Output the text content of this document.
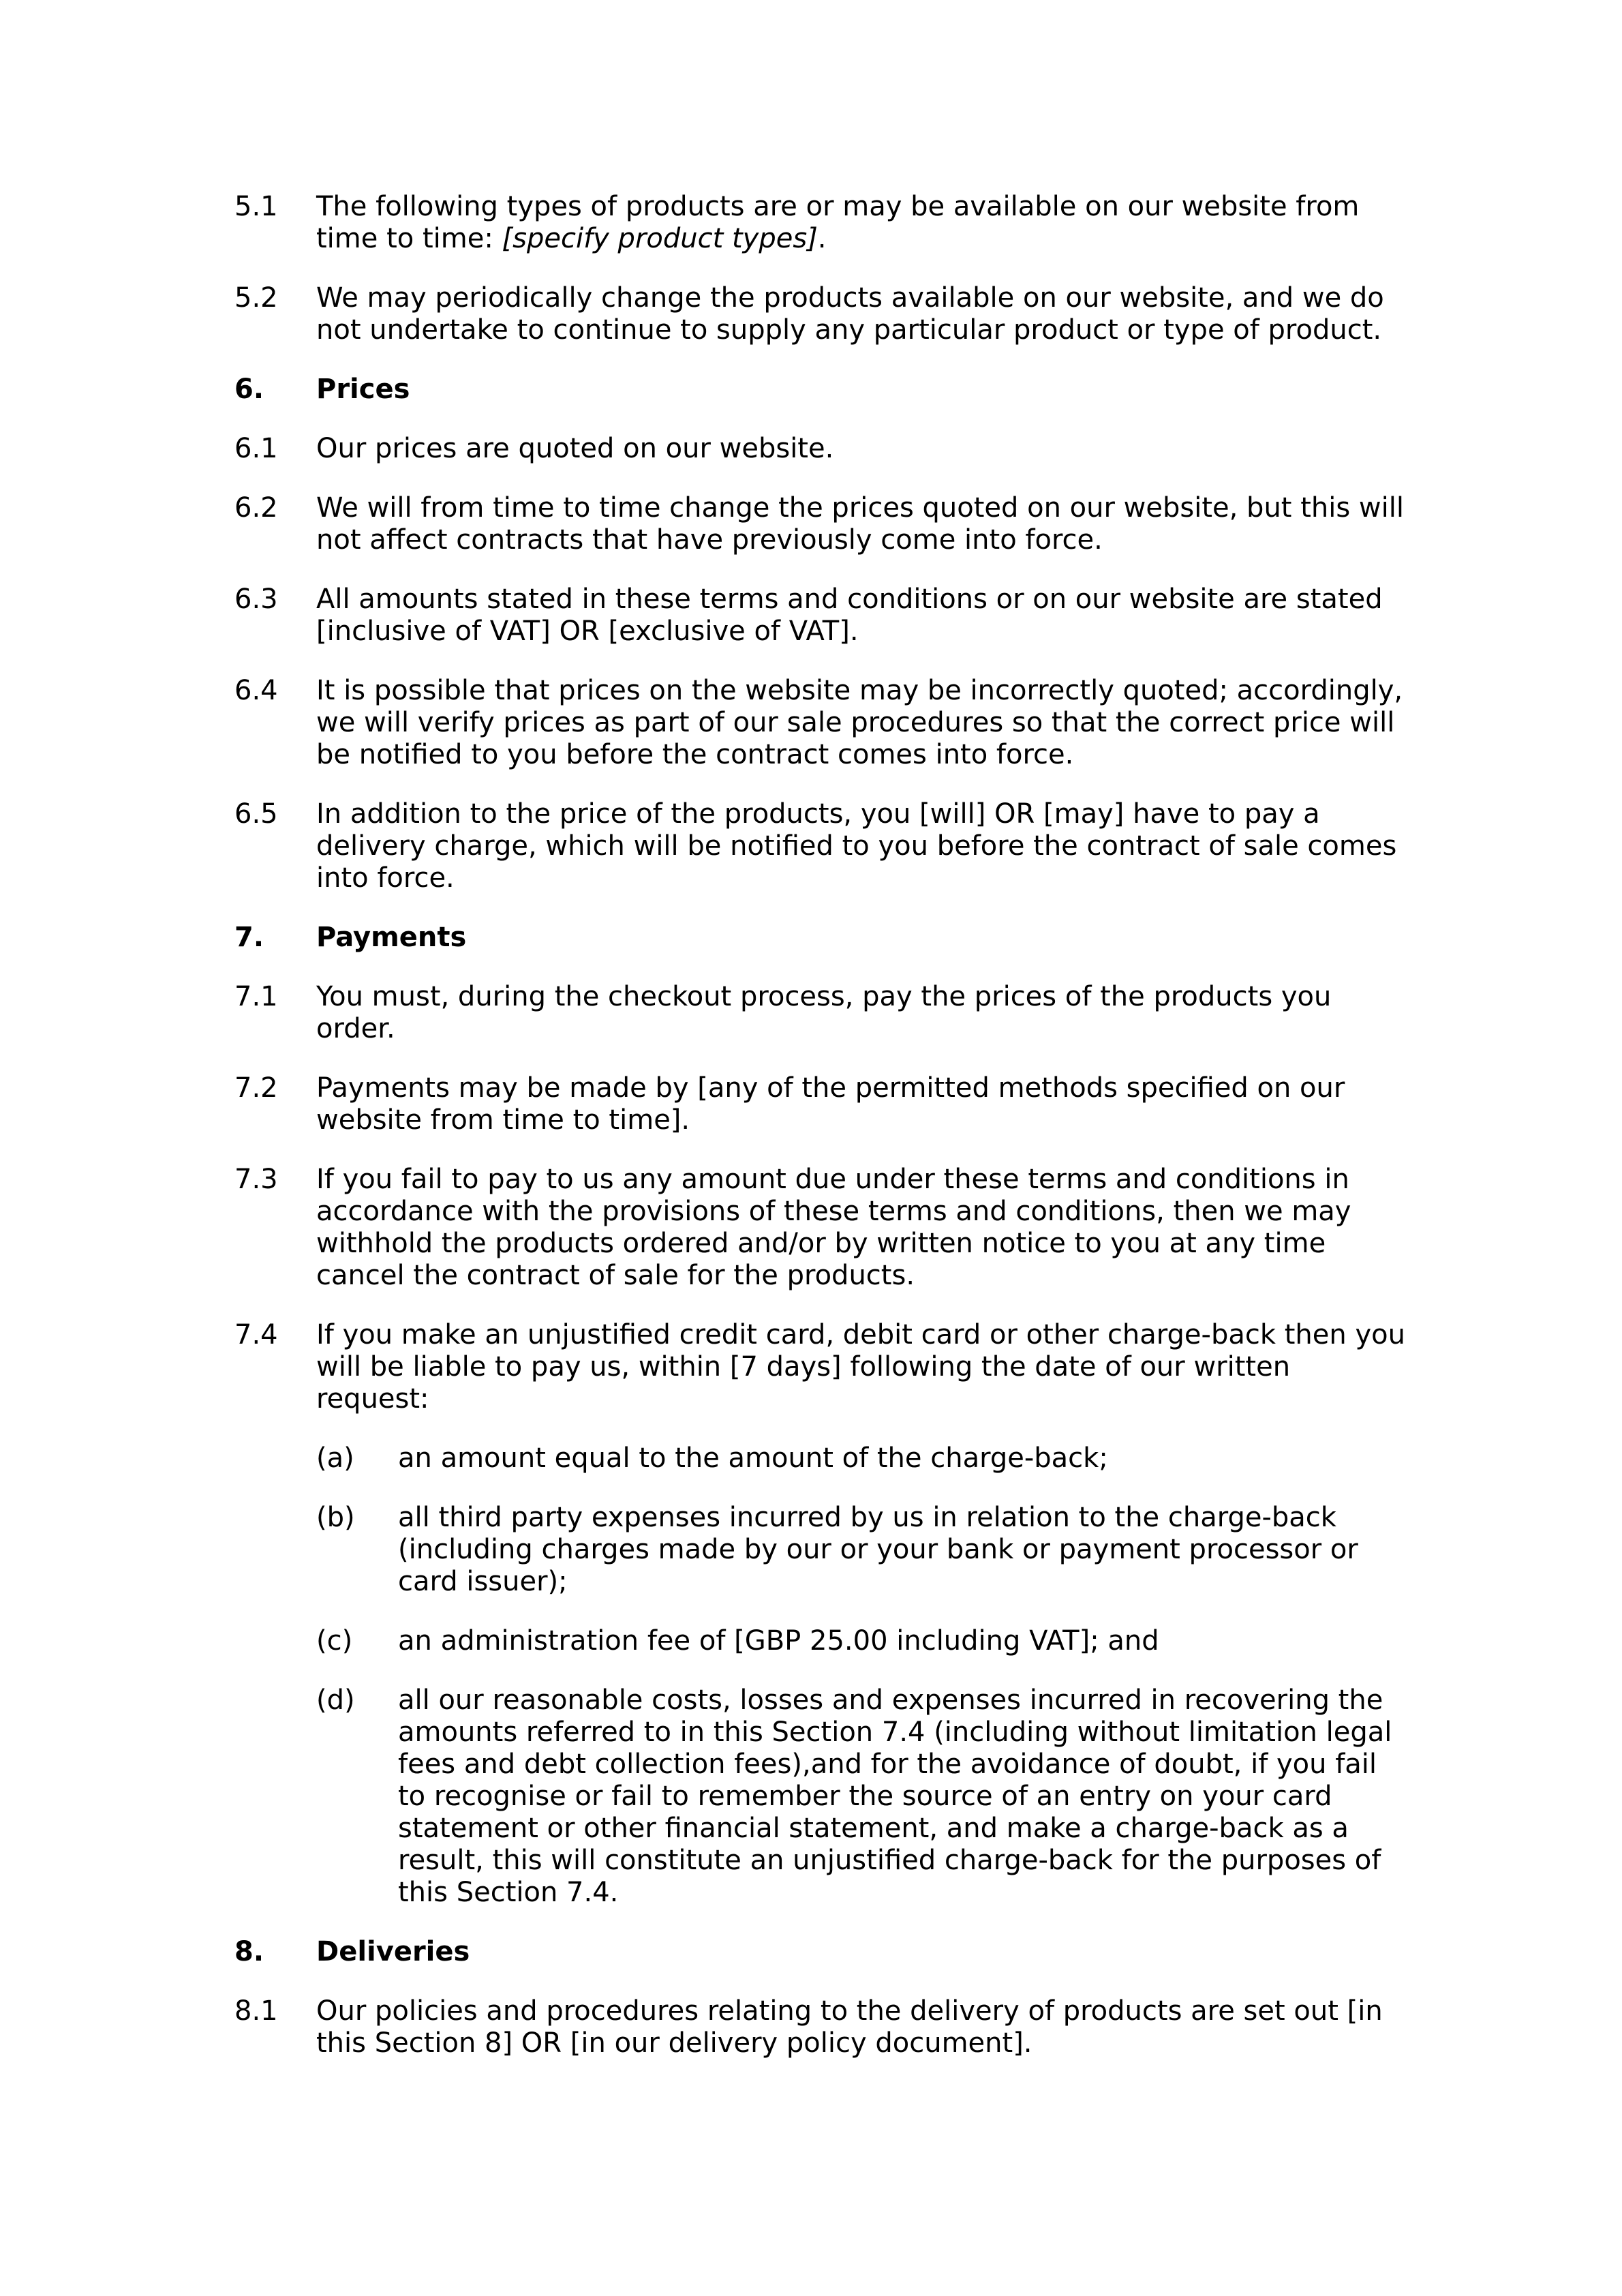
5.1	The following types of products are or may be available on our website from time to time: [specify product types].
5.2	We may periodically change the products available on our website, and we do not undertake to continue to supply any particular product or type of product.
6.	Prices
6.1	Our prices are quoted on our website.
6.2	We will from time to time change the prices quoted on our website, but this will not affect contracts that have previously come into force.
6.3	All amounts stated in these terms and conditions or on our website are stated [inclusive of VAT] OR [exclusive of VAT].
6.4	It is possible that prices on the website may be incorrectly quoted; accordingly, we will verify prices as part of our sale procedures so that the correct price will be notified to you before the contract comes into force.
6.5	In addition to the price of the products, you [will] OR [may] have to pay a delivery charge, which will be notified to you before the contract of sale comes into force.
7.	Payments
7.1	You must, during the checkout process, pay the prices of the products you order.
7.2	Payments may be made by [any of the permitted methods specified on our website from time to time].
7.3	If you fail to pay to us any amount due under these terms and conditions in accordance with the provisions of these terms and conditions, then we may withhold the products ordered and/or by written notice to you at any time cancel the contract of sale for the products.
7.4	If you make an unjustified credit card, debit card or other charge-back then you will be liable to pay us, within [7 days] following the date of our written request:
(a)	an amount equal to the amount of the charge-back;
(b)	all third party expenses incurred by us in relation to the charge-back (including charges made by our or your bank or payment processor or card issuer);
(c)	an administration fee of [GBP 25.00 including VAT]; and
(d)	all our reasonable costs, losses and expenses incurred in recovering the amounts referred to in this Section 7.4 (including without limitation legal fees and debt collection fees),and for the avoidance of doubt, if you fail to recognise or fail to remember the source of an entry on your card statement or other financial statement, and make a charge-back as a result, this will constitute an unjustified charge-back for the purposes of this Section 7.4.
8.	Deliveries
8.1	Our policies and procedures relating to the delivery of products are set out [in this Section 8] OR [in our delivery policy document].
